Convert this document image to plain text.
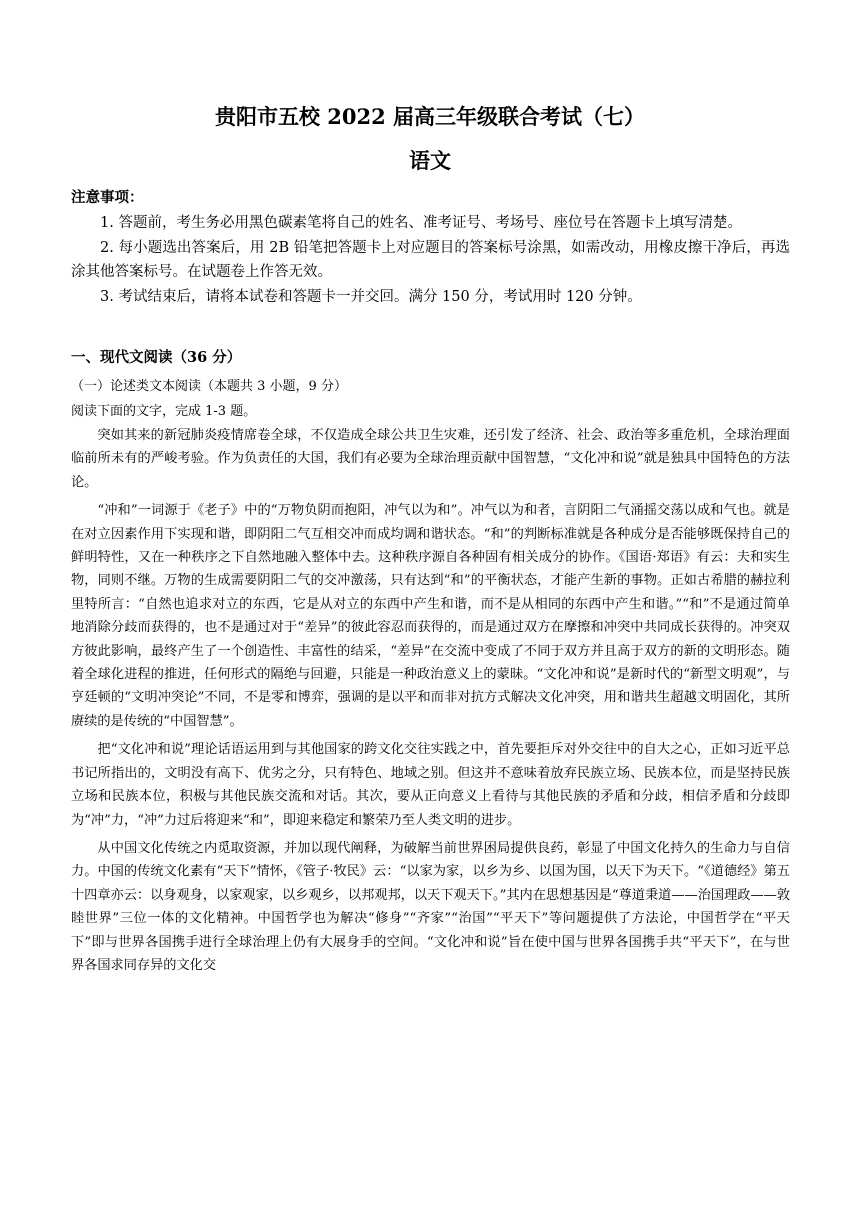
贵阳市五校 2022 届高三年级联合考试（七）
语文
注意事项：

1. 答题前，考生务必用黑色碳素笔将自己的姓名、准考证号、考场号、座位号在答题卡上填写清楚。

2. 每小题选出答案后，用 2B 铅笔把答题卡上对应题目的答案标号涂黑，如需改动，用橡皮擦干净后，再选涂其他答案标号。在试题卷上作答无效。

3. 考试结束后，请将本试卷和答题卡一并交回。满分 150 分，考试用时 120 分钟。

一、现代文阅读（36 分）
（一）论述类文本阅读（本题共 3 小题，9 分）
阅读下面的文字，完成 1-3 题。

突如其来的新冠肺炎疫情席卷全球，不仅造成全球公共卫生灾难，还引发了经济、社会、政治等多重危机，全球治理面临前所未有的严峻考验。作为负责任的大国，我们有必要为全球治理贡献中国智慧，“文化冲和说”就是独具中国特色的方法论。

“冲和”一词源于《老子》中的“万物负阴而抱阳，冲气以为和”。冲气以为和者，言阴阳二气涌摇交荡以成和气也。就是在对立因素作用下实现和谐，即阴阳二气互相交冲而成均调和谐状态。“和”的判断标准就是各种成分是否能够既保持自己的鲜明特性，又在一种秩序之下自然地融入整体中去。这种秩序源自各种固有相关成分的协作。《国语·郑语》有云：夫和实生物，同则不继。万物的生成需要阴阳二气的交冲激荡，只有达到“和”的平衡状态，才能产生新的事物。正如古希腊的赫拉利里特所言：“自然也追求对立的东西，它是从对立的东西中产生和谐，而不是从相同的东西中产生和谐。”“和”不是通过简单地消除分歧而获得的，也不是通过对于“差异”的彼此容忍而获得的，而是通过双方在摩擦和冲突中共同成长获得的。冲突双方彼此影响，最终产生了一个创造性、丰富性的结采，“差异”在交流中变成了不同于双方并且高于双方的新的文明形态。随着全球化进程的推进，任何形式的隔绝与回避，只能是一种政治意义上的蒙昧。“文化冲和说”是新时代的“新型文明观”，与亨廷顿的“文明冲突论”不同，不是零和博弈，强调的是以平和而非对抗方式解决文化冲突，用和谐共生超越文明固化，其所赓续的是传统的“中国智慧”。

把“文化冲和说”理论话语运用到与其他国家的跨文化交往实践之中，首先要拒斥对外交往中的自大之心，正如习近平总书记所指出的，文明没有高下、优劣之分，只有特色、地域之别。但这并不意味着放弃民族立场、民族本位，而是坚持民族立场和民族本位，积极与其他民族交流和对话。其次，要从正向意义上看待与其他民族的矛盾和分歧，相信矛盾和分歧即为“冲”力，“冲”力过后将迎来“和”，即迎来稳定和繁荣乃至人类文明的进步。

从中国文化传统之内觅取资源，并加以现代阐释，为破解当前世界困局提供良药，彰显了中国文化持久的生命力与自信力。中国的传统文化素有“天下”情怀，《管子·牧民》云：“以家为家，以乡为乡、以国为国，以天下为天下。“《道德经》第五十四章亦云：以身观身，以家观家，以乡观乡，以邦观邦，以天下观天下。”其内在思想基因是“尊道秉道——治国理政——敦睦世界”三位一体的文化精神。中国哲学也为解决“修身”“齐家”“治国”“平天下”等问题提供了方法论，中国哲学在“平天下”即与世界各国携手进行全球治理上仍有大展身手的空间。“文化冲和说”旨在使中国与世界各国携手共“平天下”，在与世界各国求同存异的文化交
